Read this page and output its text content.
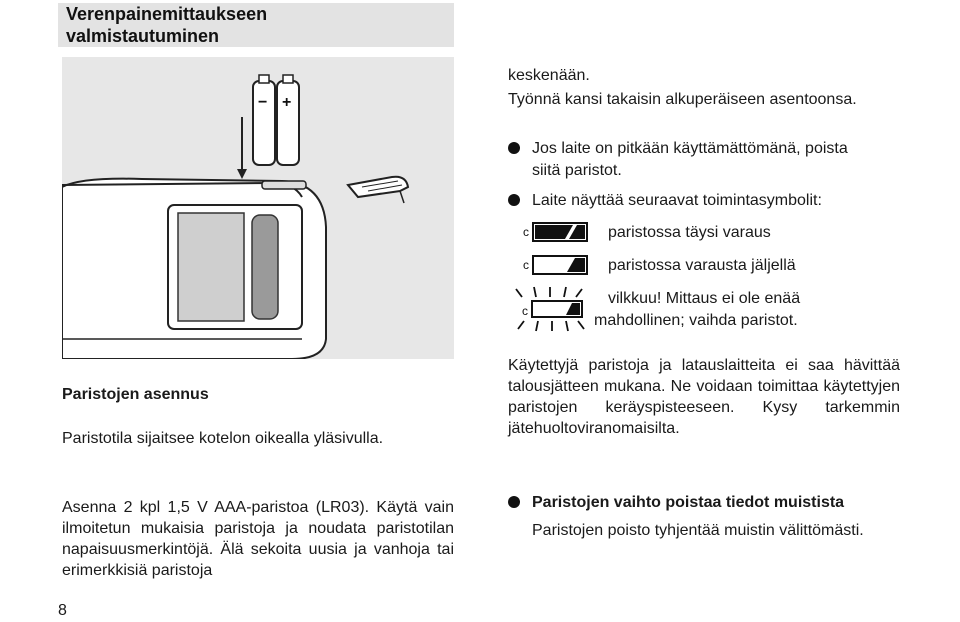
Verenpainemittaukseen
valmistautuminen
− +
Paristojen asennus
Paristotila sijaitsee kotelon oikealla yläsivulla.
Asenna 2 kpl 1,5 V AAA-paristoa (LR03). Käytä vain ilmoitetun mukaisia paristoja ja noudata paristotilan napaisuusmerkintöjä. Älä sekoita uusia ja vanhoja tai erimerkkisiä paristoja
keskenään.
Työnnä kansi takaisin alkuperäiseen asentoonsa.
Jos laite on pitkään käyttämättömänä, poista
siitä paristot.
Laite näyttää seuraavat toimintasymbolit:
c	paristossa täysi varaus
c	paristossa varausta jäljellä
c
vilkkuu! Mittaus ei ole enää
mahdollinen; vaihda paristot.
Käytettyjä paristoja ja latauslaitteita ei saa hävittää talousjätteen mukana. Ne voidaan toimittaa käytettyjen paristojen keräyspisteeseen. Kysy tarkemmin jätehuoltoviranomaisilta.
Paristojen vaihto poistaa tiedot muistista
Paristojen poisto tyhjentää muistin välittömästi.
8
